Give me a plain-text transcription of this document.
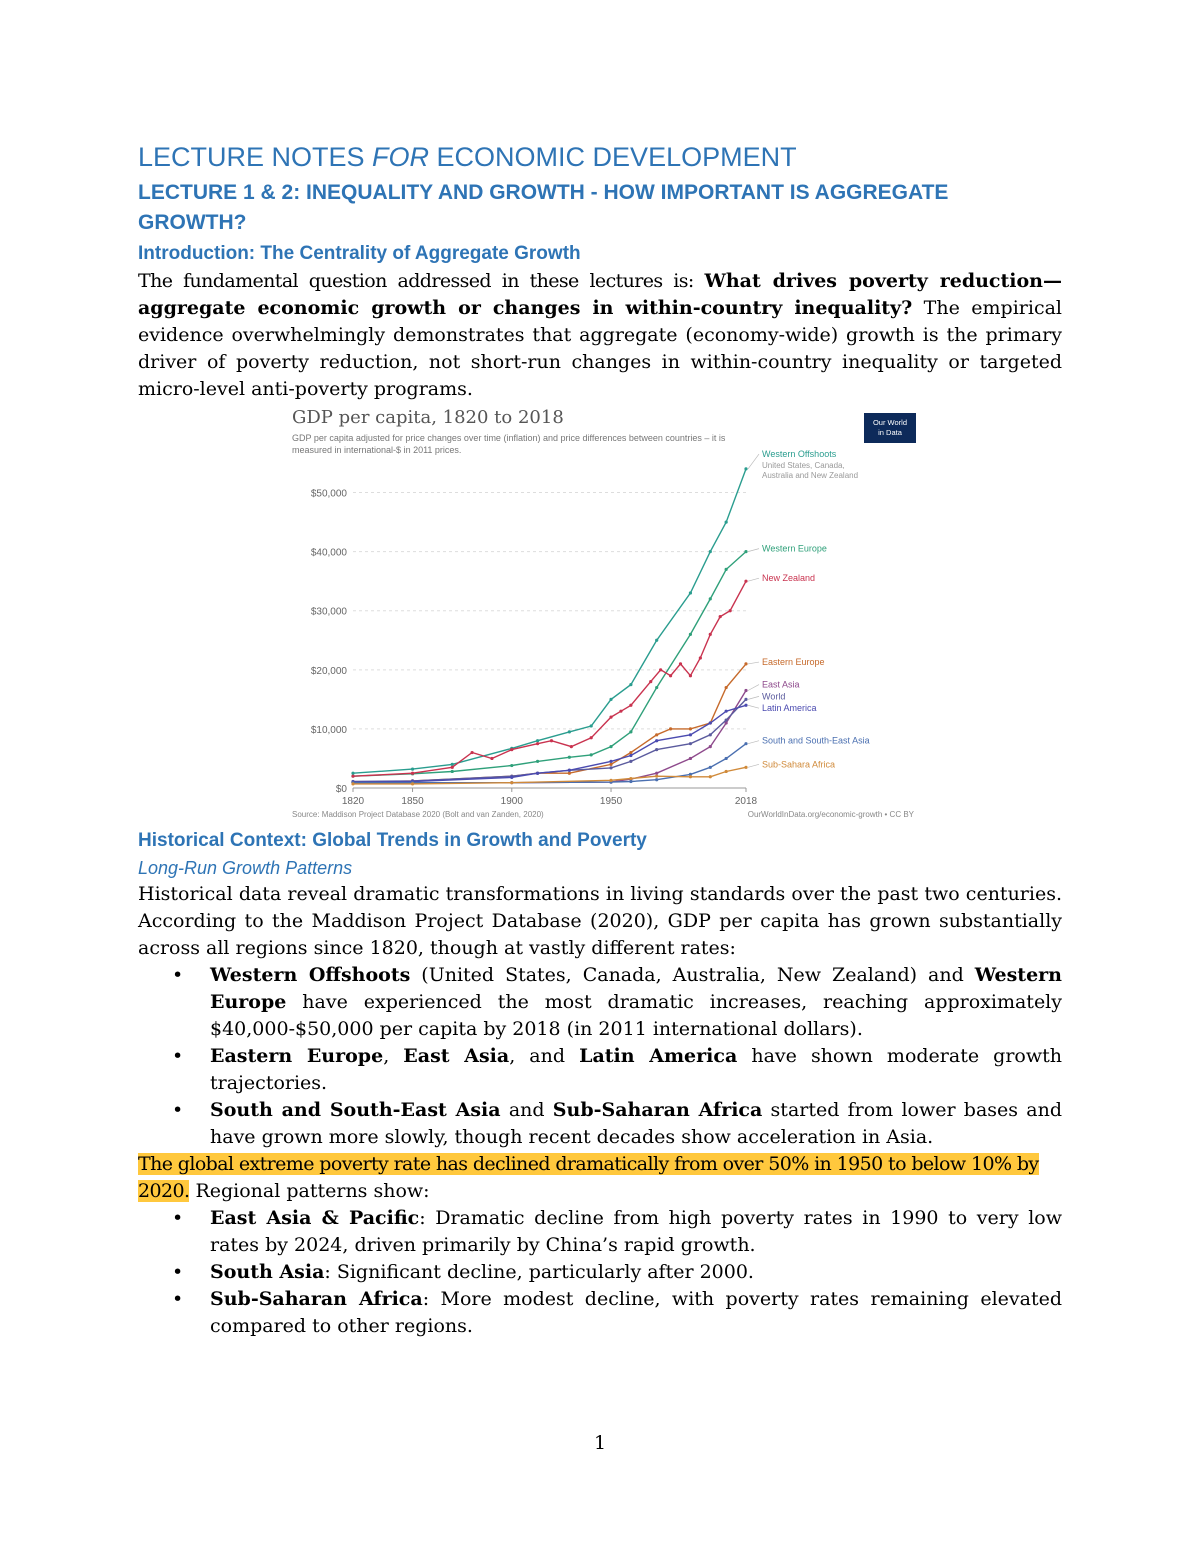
LECTURE NOTES FOR ECONOMIC DEVELOPMENT
LECTURE 1 & 2: INEQUALITY AND GROWTH - HOW IMPORTANT IS AGGREGATE GROWTH?
Introduction: The Centrality of Aggregate Growth

The fundamental question addressed in these lectures is: What drives poverty reduction—aggregate economic growth or changes in within-country inequality? The empirical evidence overwhelmingly demonstrates that aggregate (economy-wide) growth is the primary driver of poverty reduction, not short-run changes in within-country inequality or targeted micro-level anti-poverty programs.

GDP per capita, 1820 to 2018
GDP per capita adjusted for price changes over time (inflation) and price differences between countries – it is
measured in international-$ in 2011 prices.
Our World
in Data
$0
$10,000
$20,000
$30,000
$40,000
$50,000
1820	1850	1900	1950	2018
Western Offshoots
United States, Canada,
Australia and New Zealand
Western Europe
New Zealand
Eastern Europe
East Asia
World
Latin America
South and South-East Asia
Sub-Sahara Africa
Source: Maddison Project Database 2020 (Bolt and van Zanden, 2020)	OurWorldInData.org/economic-growth • CC BY
Historical Context: Global Trends in Growth and Poverty
Long-Run Growth Patterns

Historical data reveal dramatic transformations in living standards over the past two centuries. According to the Maddison Project Database (2020), GDP per capita has grown substantially across all regions since 1820, though at vastly different rates:

• Western Offshoots (United States, Canada, Australia, New Zealand) and Western Europe have experienced the most dramatic increases, reaching approximately $40,000-$50,000 per capita by 2018 (in 2011 international dollars).
• Eastern Europe, East Asia, and Latin America have shown moderate growth trajectories.
• South and South-East Asia and Sub-Saharan Africa started from lower bases and have grown more slowly, though recent decades show acceleration in Asia.

The global extreme poverty rate has declined dramatically from over 50% in 1950 to below 10% by 2020. Regional patterns show:

• East Asia & Pacific: Dramatic decline from high poverty rates in 1990 to very low rates by 2024, driven primarily by China’s rapid growth.
• South Asia: Significant decline, particularly after 2000.
• Sub-Saharan Africa: More modest decline, with poverty rates remaining elevated compared to other regions.
1
